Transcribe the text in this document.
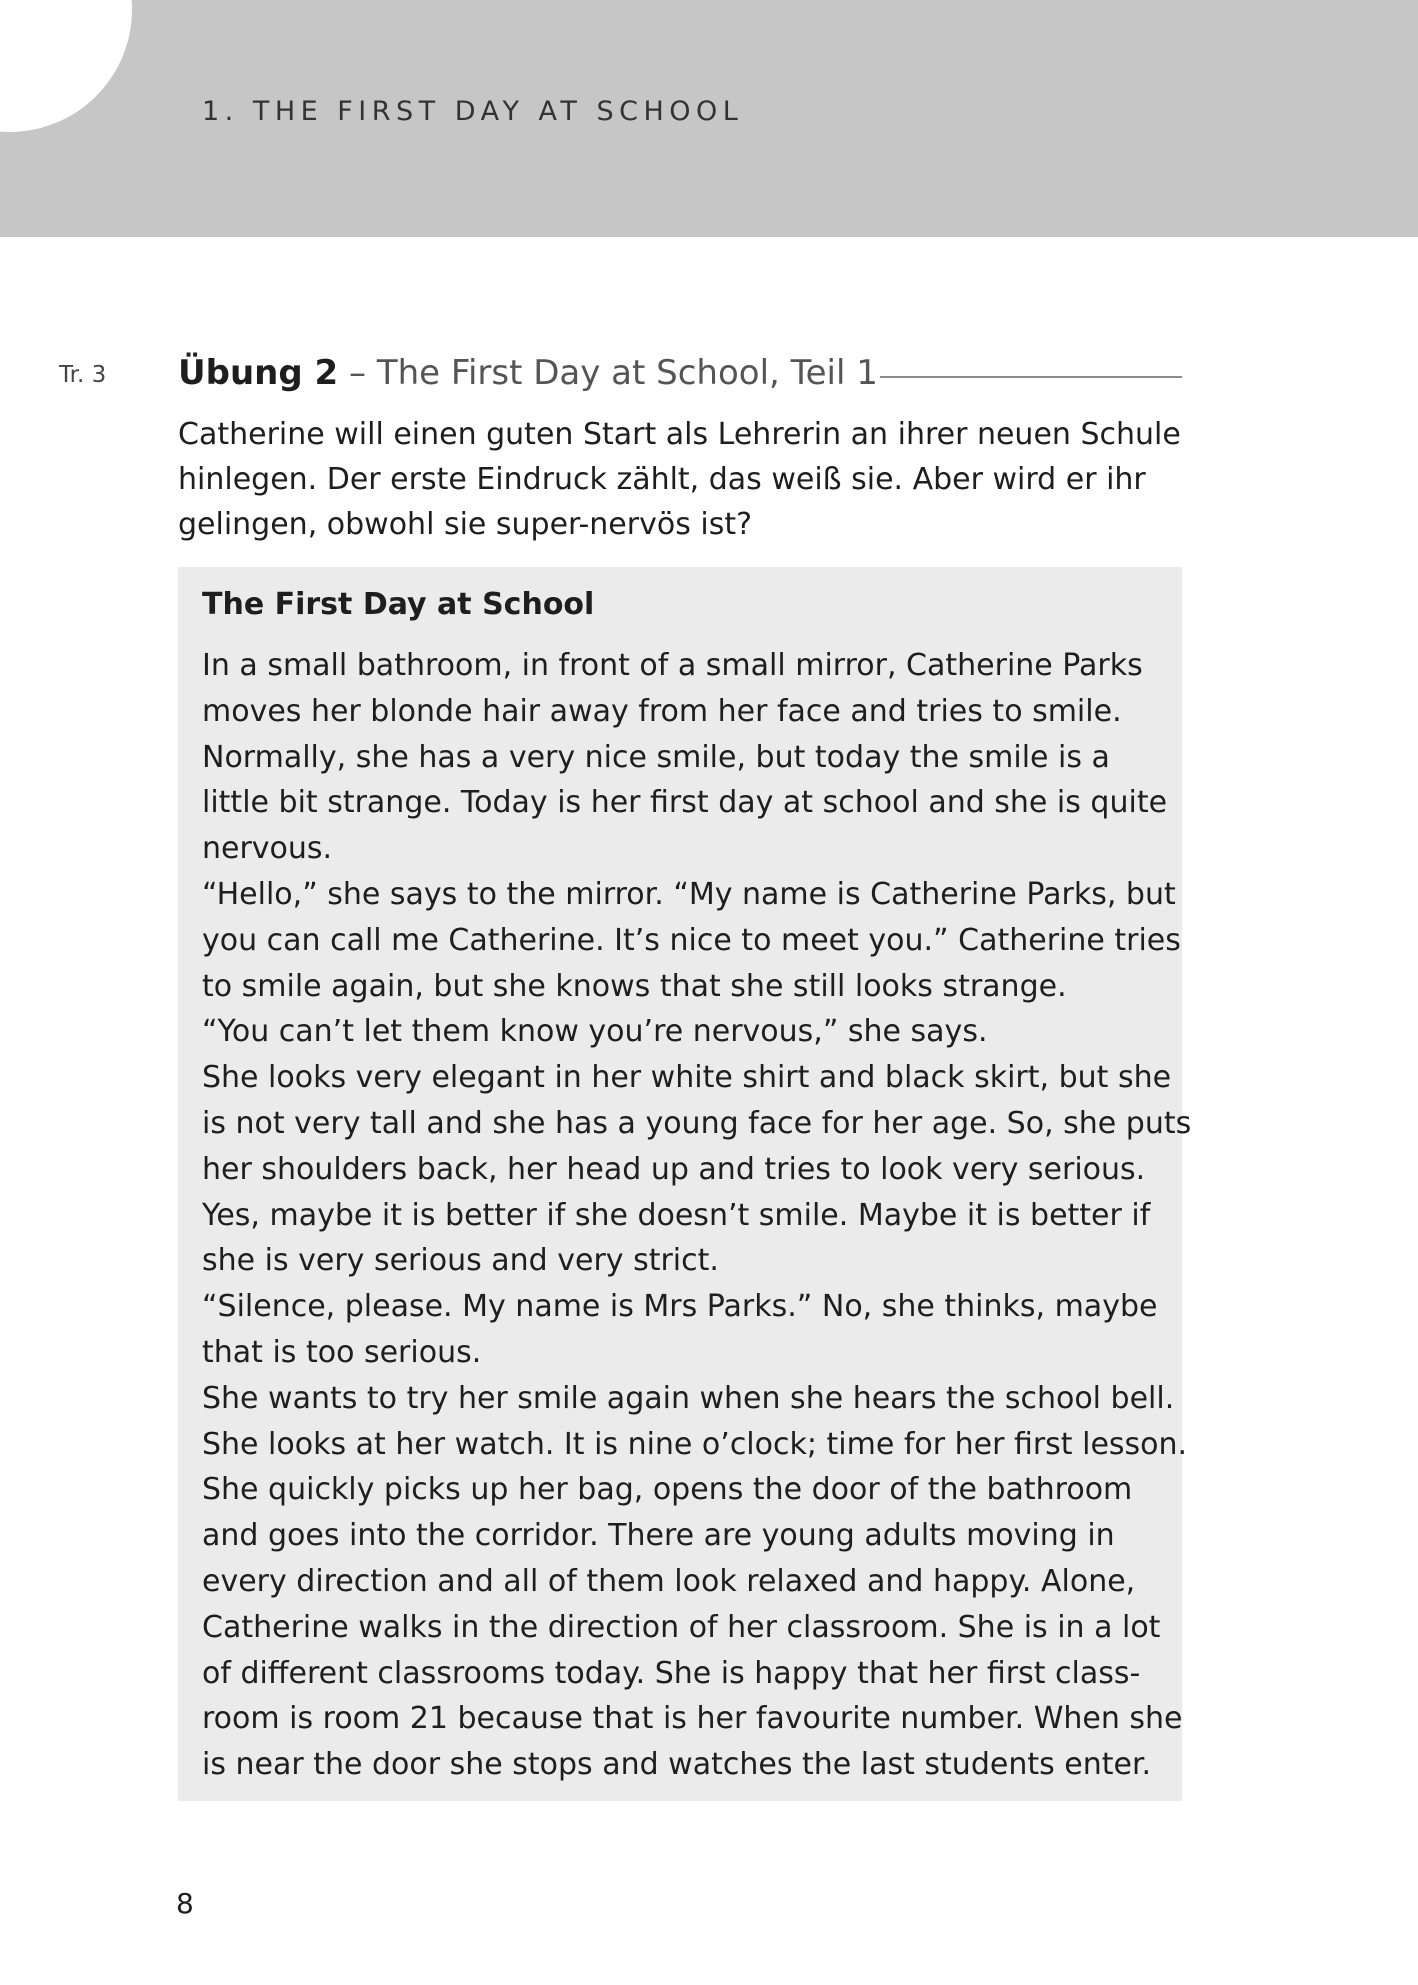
1. THE FIRST DAY AT SCHOOL
Tr. 3 Übung 2 – The First Day at School, Teil 1
Catherine will einen guten Start als Lehrerin an ihrer neuen Schule
hinlegen. Der erste Eindruck zählt, das weiß sie. Aber wird er ihr
gelingen, obwohl sie super-nervös ist?
The First Day at School
In a small bathroom, in front of a small mirror, Catherine Parks
moves her blonde hair away from her face and tries to smile.
Normally, she has a very nice smile, but today the smile is a
little bit strange. Today is her first day at school and she is quite
nervous.
“Hello,” she says to the mirror. “My name is Catherine Parks, but
you can call me Catherine. It’s nice to meet you.” Catherine tries
to smile again, but she knows that she still looks strange.
“You can’t let them know you’re nervous,” she says.
She looks very elegant in her white shirt and black skirt, but she
is not very tall and she has a young face for her age. So, she puts
her shoulders back, her head up and tries to look very serious.
Yes, maybe it is better if she doesn’t smile. Maybe it is better if
she is very serious and very strict.
“Silence, please. My name is Mrs Parks.” No, she thinks, maybe
that is too serious.
She wants to try her smile again when she hears the school bell.
She looks at her watch. It is nine o’clock; time for her first lesson.
She quickly picks up her bag, opens the door of the bathroom
and goes into the corridor. There are young adults moving in
every direction and all of them look relaxed and happy. Alone,
Catherine walks in the direction of her classroom. She is in a lot
of different classrooms today. She is happy that her first class-
room is room 21 because that is her favourite number. When she
is near the door she stops and watches the last students enter.
8
